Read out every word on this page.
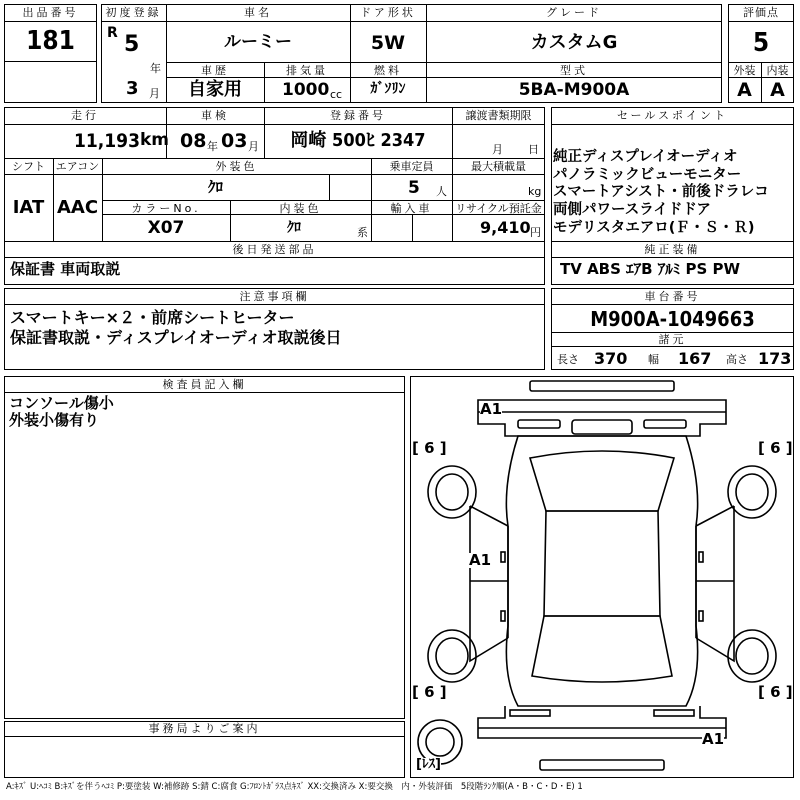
出品番号
181
初度登録
R 5
年
3 月
車名
ルーミー
ドア形状
5W
グレード
カスタムG
車歴
自家用
排気量
1000 cc
燃料
ｶﾞｿﾘﾝ
型式
5BA-M900A
評価点
5
外装	内装
A A
走行
11,193 km
車検
08 年 03 月
登録番号
岡崎 500ﾋ 2347
譲渡書類期限
月 日
シフト
IAT
エアコン
AAC
外装色
ｸﾛ
乗車定員
5 人
最大積載量
kg
カラーNo.
X07
内装色
ｸﾛ	系
輸入車	リサイクル預託金
9,410 円
後日発送部品
保証書 車両取説
セールスポイント
純正ディスプレイオーディオ
パノラミックビューモニター
スマートアシスト・前後ドラレコ
両側パワースライドドア
モデリスタエアロ(Ｆ・Ｓ・Ｒ)
純正装備
TV ABS ｴｱB ｱﾙﾐ PS PW
注意事項欄
スマートキー×２・前席シートヒーター
保証書取説・ディスプレイオーディオ取説後日
車台番号
M900A-1049663
諸元
長さ 370 幅 167 高さ 173
検査員記入欄
コンソール傷小
外装小傷有り
事務局よりご案内
A1
A1
A1
[ 6 ]	[ 6 ]
[ 6 ]	[ 6 ]
[ﾚｽ]
A:ｷｽﾞ U:ﾍｺﾐ B:ｷｽﾞを伴うﾍｺﾐ P:要塗装 W:補修跡 S:錆 C:腐食 G:ﾌﾛﾝﾄｶﾞﾗｽ点ｷｽﾞ XX:交換済み X:要交換　内・外装評価　5段階ﾗﾝｸ順(A・B・C・D・E) 1
